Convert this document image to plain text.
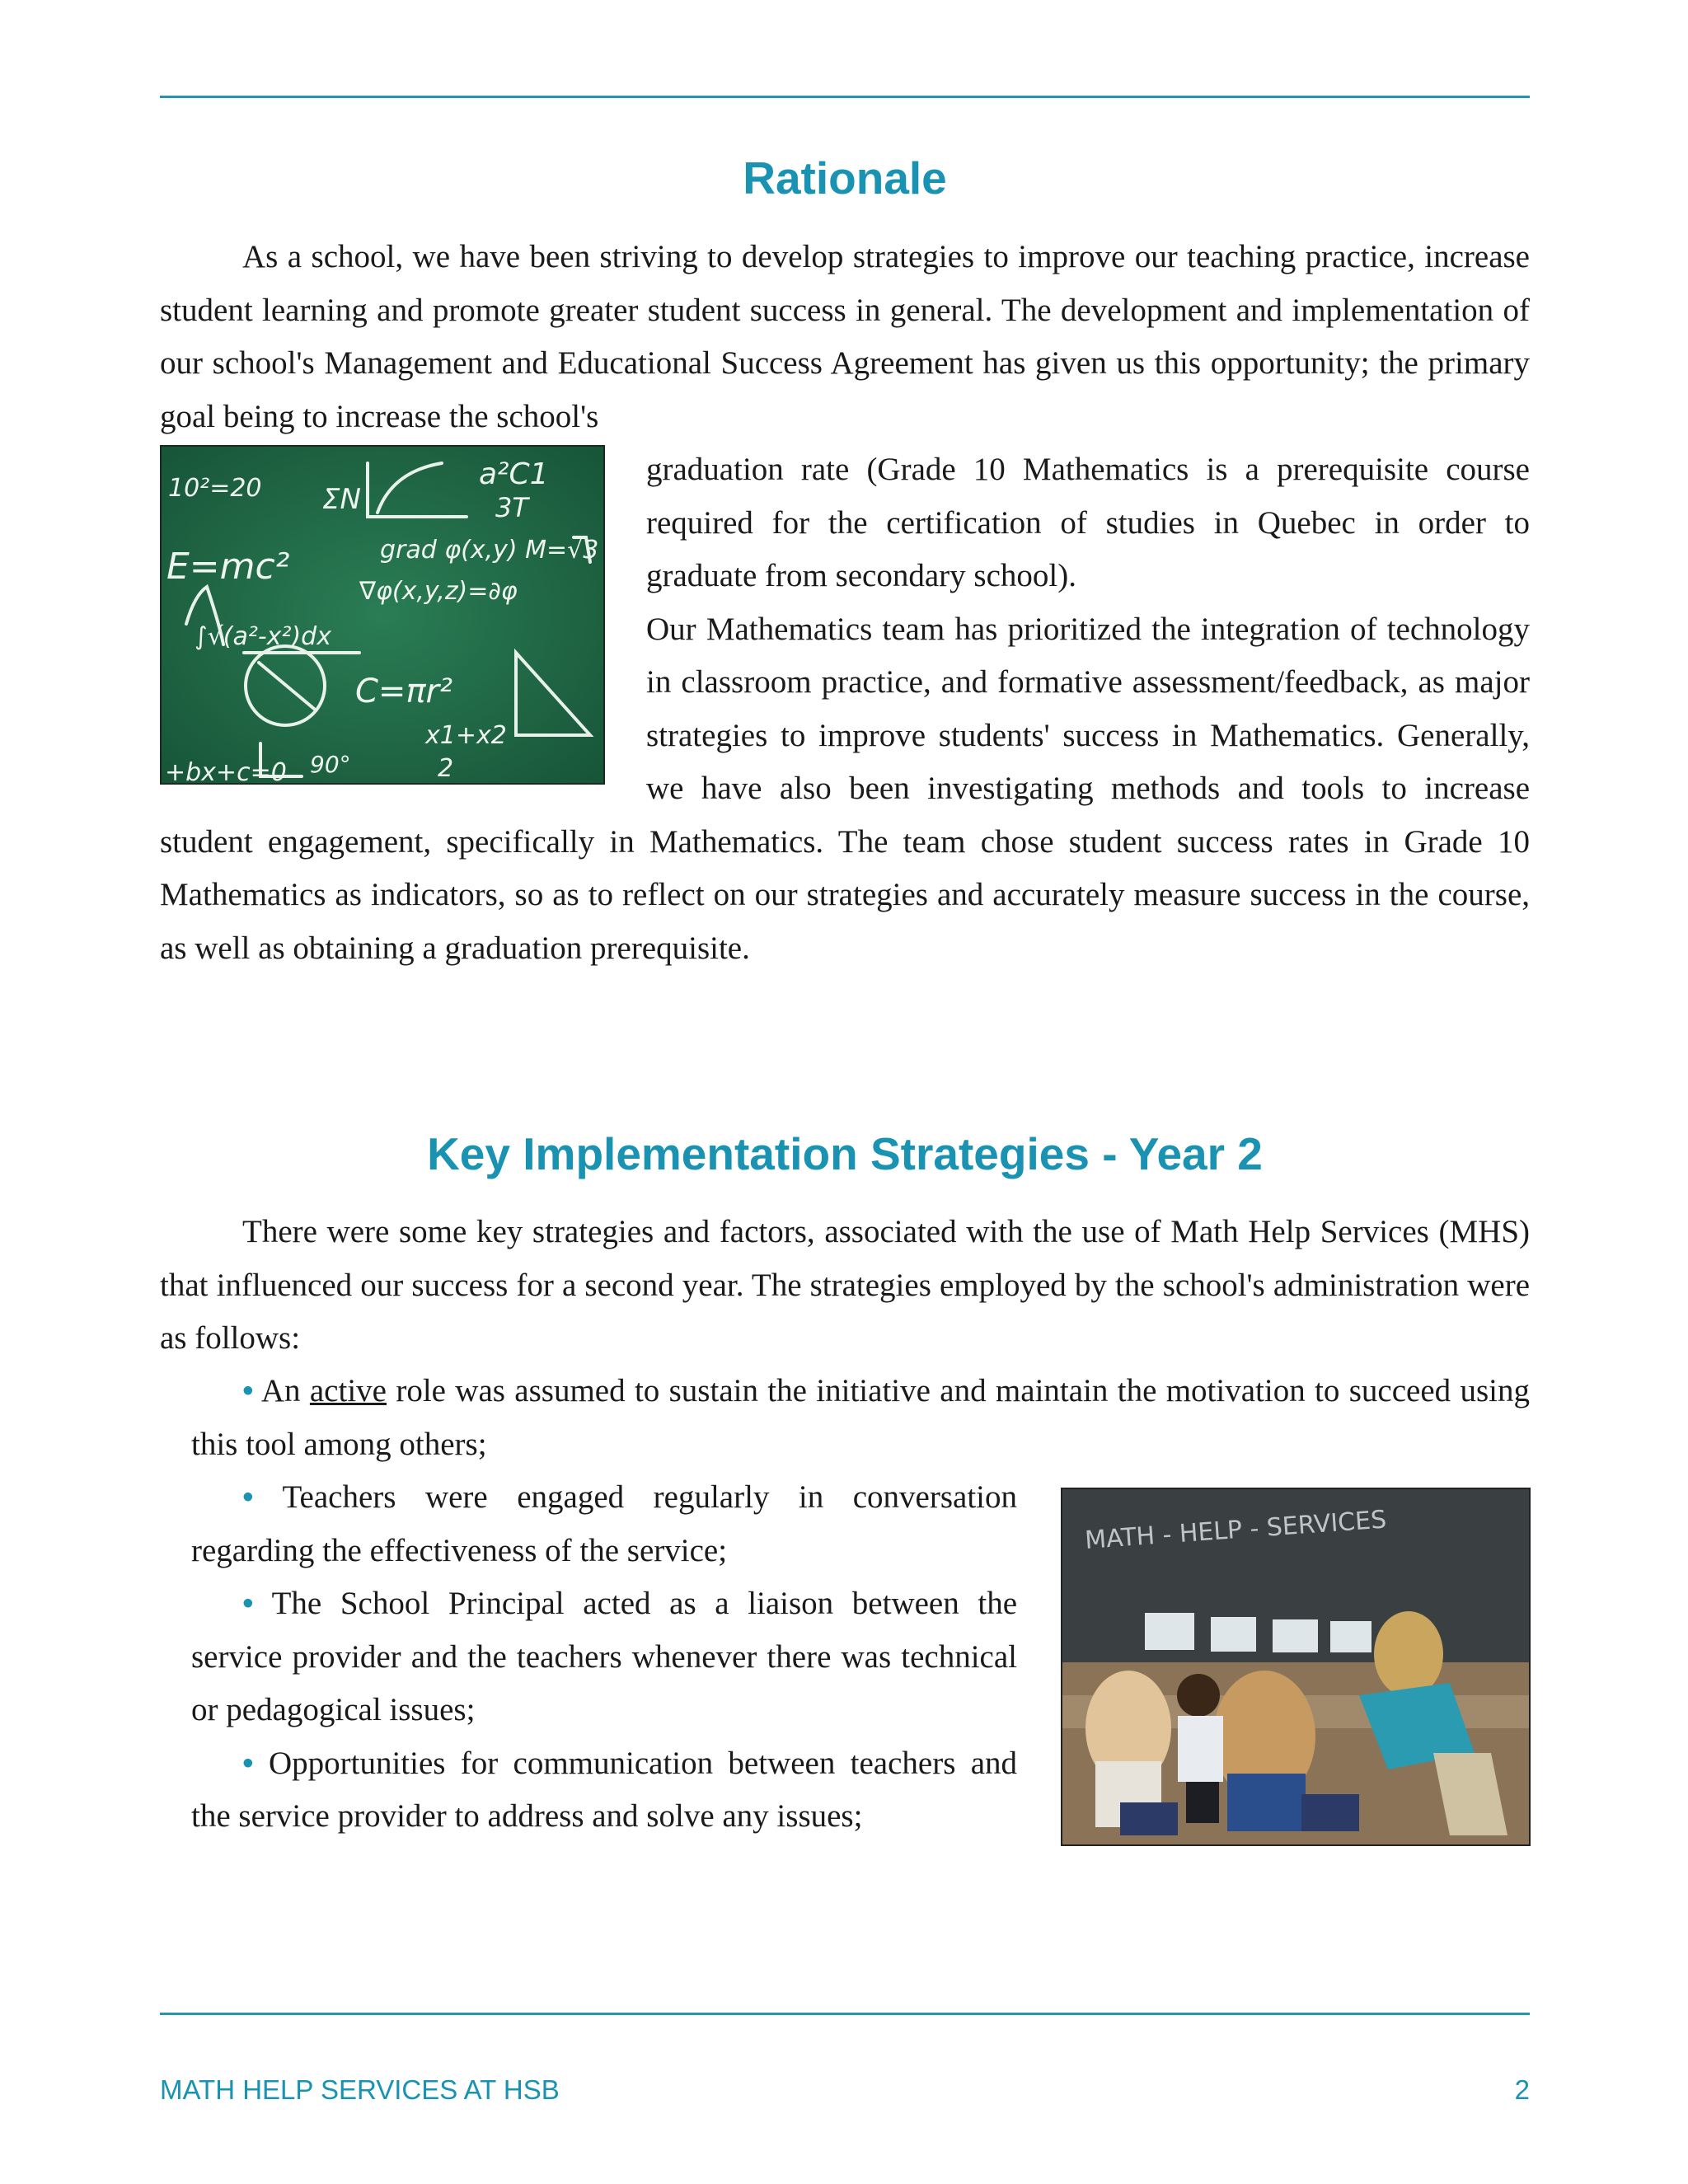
Rationale

As a school, we have been striving to develop strategies to improve our teaching practice, increase student learning and promote greater student success in general. The development and implementation of our school's Management and Educational Success Agreement has given us this opportunity; the primary goal being to increase the school's

10²=20 ΣN
a²C1
3T
E=mc²	grad φ(x,y) M=√3
∇φ(x,y,z)=∂φ
∫√(a²-x²)dx
C=πr²
x1+x2
2
90°
+bx+c=0

graduation rate (Grade 10 Mathematics is a prerequisite course required for the certification of studies in Quebec in order to graduate from secondary school).

Our Mathematics team has prioritized the integration of technology in classroom practice, and formative assessment/feedback, as major strategies to improve students' success in Mathematics. Generally, we have also been investigating methods and tools to increase student engagement, specifically in Mathematics. The team chose student success rates in Grade 10 Mathematics as indicators, so as to reflect on our strategies and accurately measure success in the course, as well as obtaining a graduation prerequisite.

Key Implementation Strategies - Year 2

There were some key strategies and factors, associated with the use of Math Help Services (MHS) that influenced our success for a second year. The strategies employed by the school's administration were as follows:

• An active role was assumed to sustain the initiative and maintain the motivation to succeed using this tool among others;

• Teachers were engaged regularly in conversation regarding the effectiveness of the service;

• The School Principal acted as a liaison between the service provider and the teachers whenever there was technical or pedagogical issues;

• Opportunities for communication between teachers and the service provider to address and solve any issues;

MATH - HELP - SERVICES
MATH HELP SERVICES AT HSB	2
